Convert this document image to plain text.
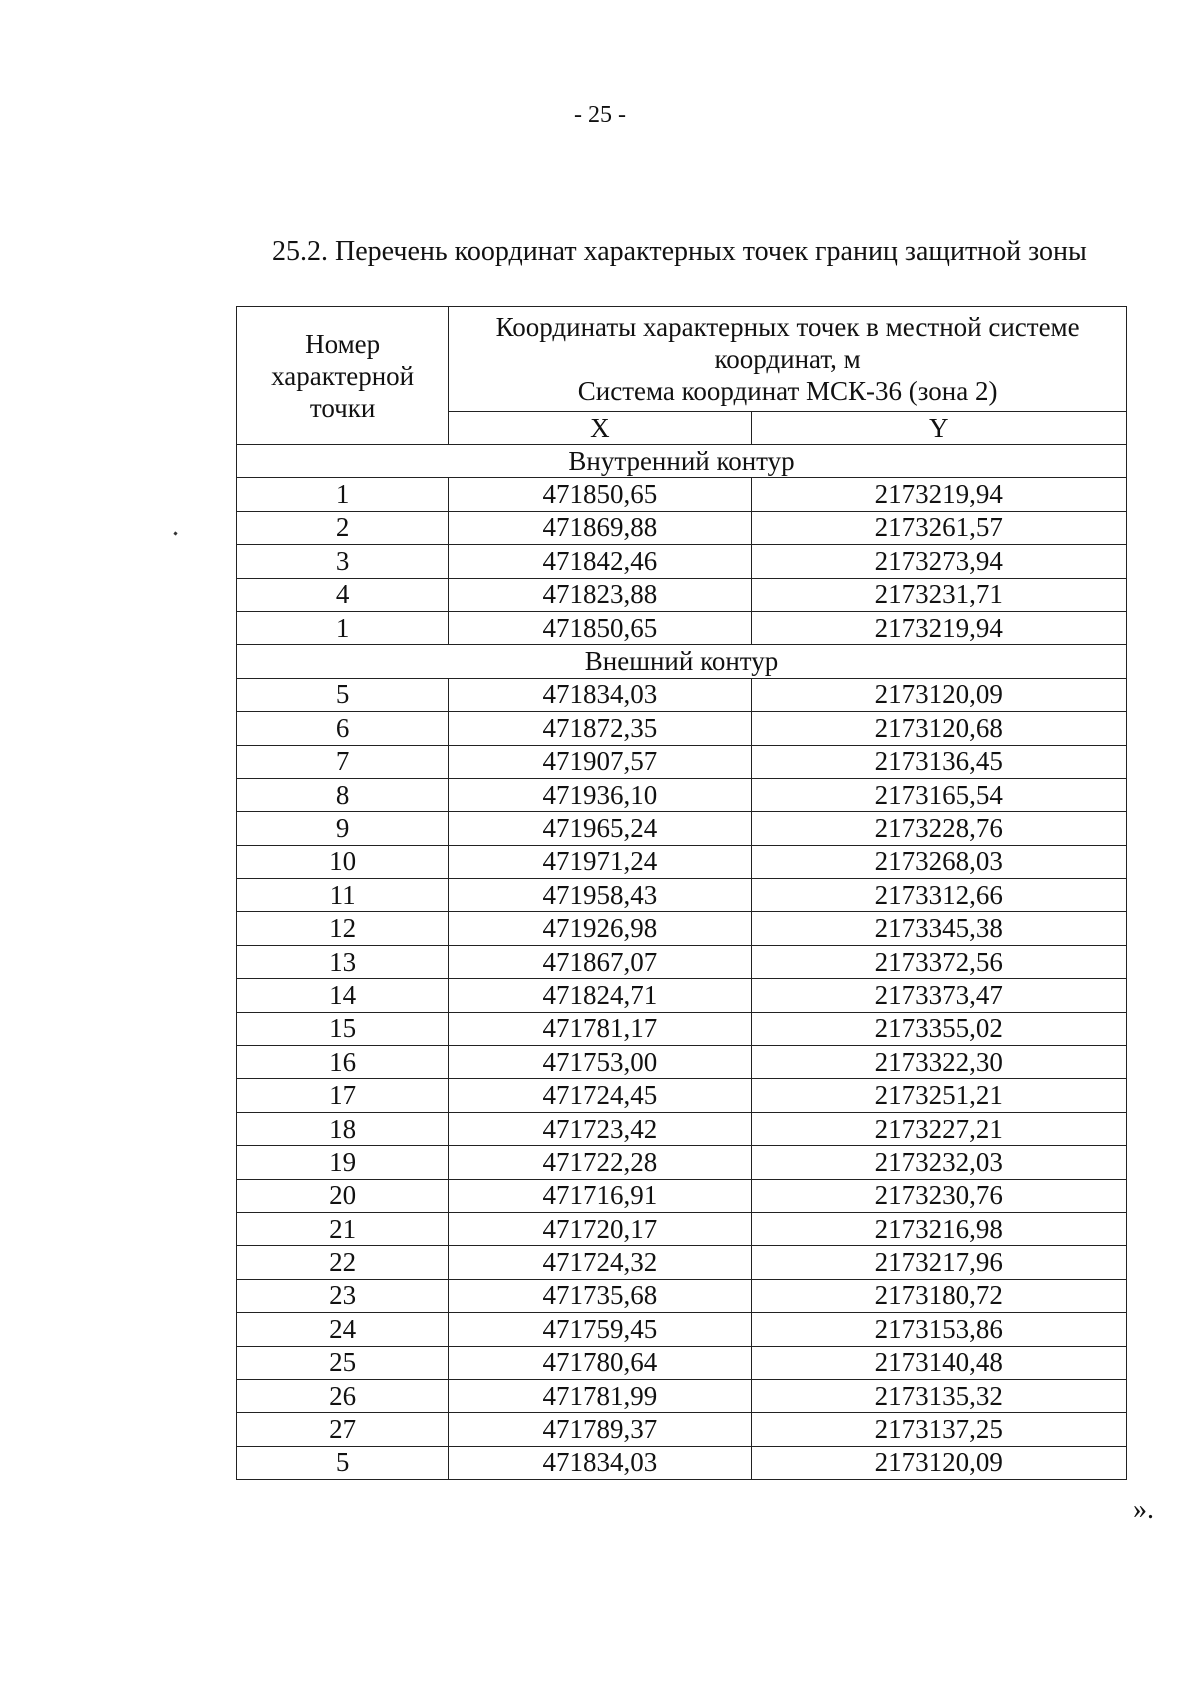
- 25 -
25.2. Перечень координат характерных точек границ защитной зоны
Номер характерной точки	Координаты характерных точек в местной системе
координат, м
Система координат МСК-36 (зона 2)	

	X	Y
Внутренний контур		
1	471850,65	2173219,94
2	471869,88	2173261,57
3	471842,46	2173273,94
4	471823,88	2173231,71
1	471850,65	2173219,94
Внешний контур		
5	471834,03	2173120,09
6	471872,35	2173120,68
7	471907,57	2173136,45
8	471936,10	2173165,54
9	471965,24	2173228,76
10	471971,24	2173268,03
11	471958,43	2173312,66
12	471926,98	2173345,38
13	471867,07	2173372,56
14	471824,71	2173373,47
15	471781,17	2173355,02
16	471753,00	2173322,30
17	471724,45	2173251,21
18	471723,42	2173227,21
19	471722,28	2173232,03
20	471716,91	2173230,76
21	471720,17	2173216,98
22	471724,32	2173217,96
23	471735,68	2173180,72
24	471759,45	2173153,86
25	471780,64	2173140,48
26	471781,99	2173135,32
27	471789,37	2173137,25
5	471834,03	2173120,09
».
